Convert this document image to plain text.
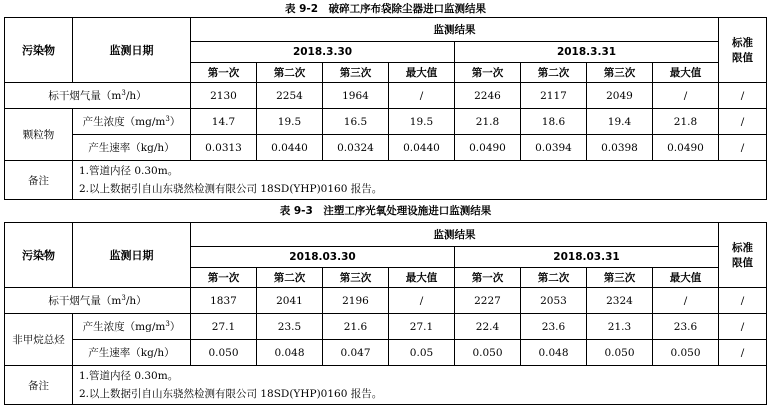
表 9-2　破碎工序布袋除尘器进口监测结果
污染物	监测日期	监测结果								标准
限值
		2018.3.30				2018.3.31				
		第一次	第二次	第三次	最大值	第一次	第二次	第三次	最大值	
标干烟气量$(m^3/h)$		2130	2254	1964	/	2246	2117	2049	/	/
颗粒物	产生浓度$(mg/m^3)$	14.7	19.5	16.5	19.5	21.8	18.6	19.4	21.8	/
	产生速率（kg/h）	0.0313	0.0440	0.0324	0.0440	0.0490	0.0394	0.0398	0.0490	/
备注	1.管道内径 0.30m。
2.以上数据引自山东骁然检测有限公司 18SD(YHP)0160 报告。									
表 9-3　注塑工序光氧处理设施进口监测结果
污染物	监测日期	监测结果								标准
限值
		2018.03.30				2018.03.31				
		第一次	第二次	第三次	最大值	第一次	第二次	第三次	最大值	
标干烟气量$(m^3/h)$		1837	2041	2196	/	2227	2053	2324	/	/
非甲烷总烃	产生浓度$(mg/m^3)$	27.1	23.5	21.6	27.1	22.4	23.6	21.3	23.6	/
	产生速率（kg/h）	0.050	0.048	0.047	0.05	0.050	0.048	0.050	0.050	/
备注	1.管道内径 0.30m。
2.以上数据引自山东骁然检测有限公司 18SD(YHP)0160 报告。									
